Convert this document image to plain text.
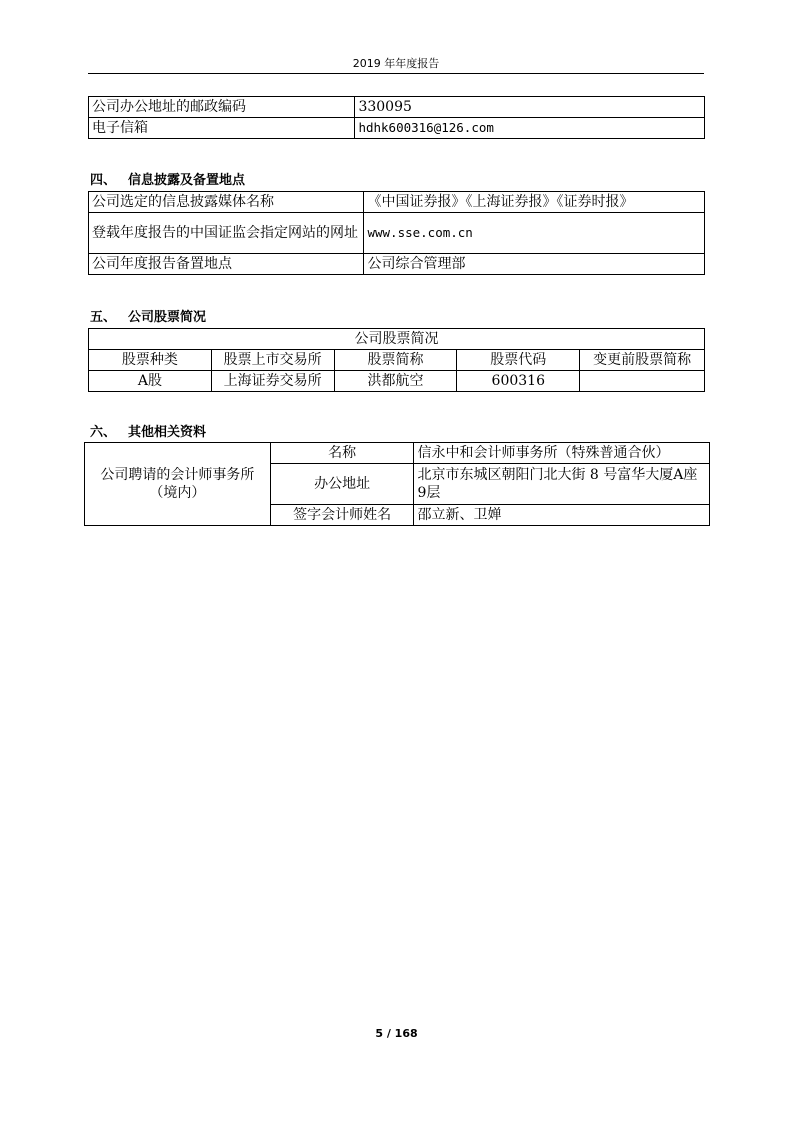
2019 年年度报告
公司办公地址的邮政编码	330095
电子信箱	hdhk600316@126.com
四、 信息披露及备置地点
公司选定的信息披露媒体名称	《中国证券报》《上海证券报》《证券时报》
登载年度报告的中国证监会指定网站的网址	www.sse.com.cn
公司年度报告备置地点	公司综合管理部
五、 公司股票简况
公司股票简况				
股票种类	股票上市交易所	股票简称	股票代码	变更前股票简称
A股	上海证券交易所	洪都航空	600316	
六、 其他相关资料
公司聘请的会计师事务所（境内）	名称	信永中和会计师事务所（特殊普通合伙）
	办公地址	北京市东城区朝阳门北大街 8 号富华大厦A座9层
	签字会计师姓名	邵立新、卫婵
5 / 168
